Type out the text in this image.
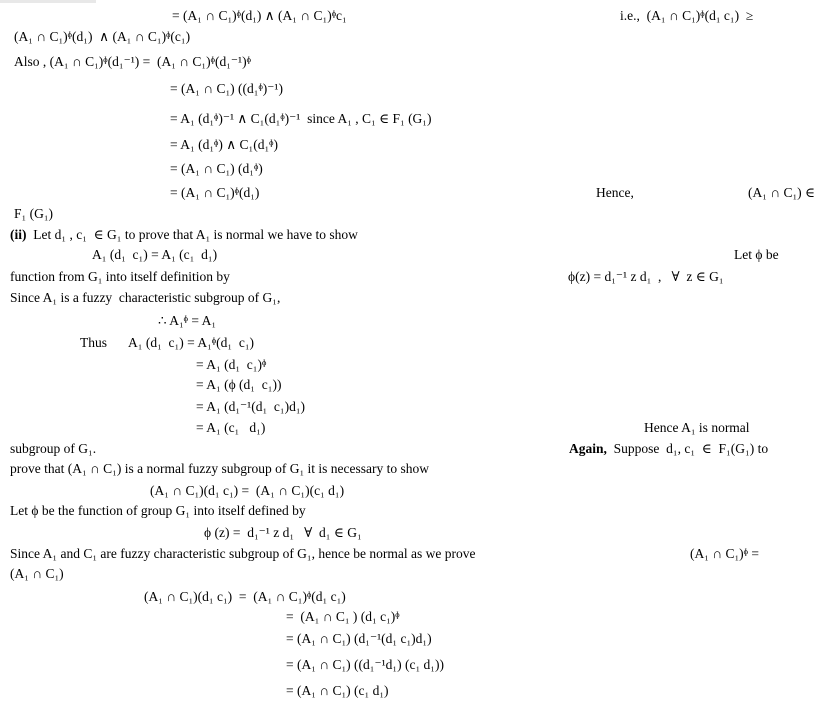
= (A₁ ∩ C₁)ᶲ(d₁) ∧ (A₁ ∩ C₁)ᶲc₁	i.e.,  (A₁ ∩ C₁)ᶲ(d₁ c₁)  ≥
(A₁ ∩ C₁)ᶲ(d₁)  ∧ (A₁ ∩ C₁)ᶲ(c₁)
Also , (A₁ ∩ C₁)ᶲ(d₁⁻¹) =  (A₁ ∩ C₁)ᶲ(d₁⁻¹)ᶲ
= (A₁ ∩ C₁) ((d₁ᶲ)⁻¹)
= A₁ (d₁ᶲ)⁻¹ ∧ C₁(d₁ᶲ)⁻¹  since A₁ , C₁ ∈ F₁ (G₁)
= A₁ (d₁ᶲ) ∧ C₁(d₁ᶲ)
= (A₁ ∩ C₁) (d₁ᶲ)
= (A₁ ∩ C₁)ᶲ(d₁)	Hence,	(A₁ ∩ C₁) ∈
F₁ (G₁)
(ii)  Let d₁ , c₁  ∈ G₁ to prove that A₁ is normal we have to show
A₁ (d₁  c₁) = A₁ (c₁  d₁)	Let ϕ be
function from G₁ into itself definition by	ϕ(z) = d₁⁻¹ z d₁  ,   ∀  z ∈ G₁
Since A₁ is a fuzzy  characteristic subgroup of G₁,
∴ A₁ᶲ = A₁
Thus A₁ (d₁  c₁) = A₁ᶲ(d₁  c₁)
= A₁ (d₁  c₁)ᶲ
= A₁ (ϕ (d₁  c₁))
= A₁ (d₁⁻¹(d₁  c₁)d₁)
= A₁ (c₁   d₁)	Hence A₁ is normal
subgroup of G₁.	Again,  Suppose  d₁, c₁  ∈  F₁(G₁) to
prove that (A₁ ∩ C₁) is a normal fuzzy subgroup of G₁ it is necessary to show
(A₁ ∩ C₁)(d₁ c₁) =  (A₁ ∩ C₁)(c₁ d₁)
Let ϕ be the function of group G₁ into itself defined by
ϕ (z) =  d₁⁻¹ z d₁   ∀  d₁ ∈ G₁
Since A₁ and C₁ are fuzzy characteristic subgroup of G₁, hence be normal as we prove	(A₁ ∩ C₁)ᶲ =
(A₁ ∩ C₁)
(A₁ ∩ C₁)(d₁ c₁)  =  (A₁ ∩ C₁)ᶲ(d₁ c₁)
=  (A₁ ∩ C₁ ) (d₁ c₁)ᶲ
= (A₁ ∩ C₁) (d₁⁻¹(d₁ c₁)d₁)
= (A₁ ∩ C₁) ((d₁⁻¹d₁) (c₁ d₁))
= (A₁ ∩ C₁) (c₁ d₁)
